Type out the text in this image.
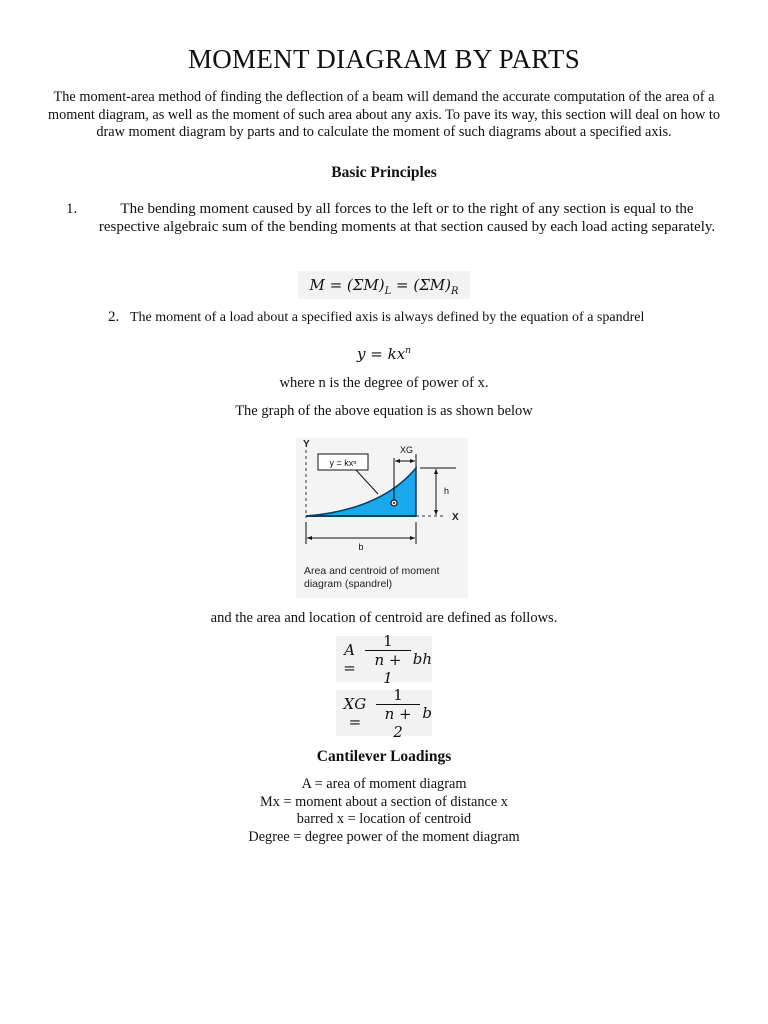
MOMENT DIAGRAM BY PARTS

The moment-area method of finding the deflection of a beam will demand the accurate computation of the area of a moment diagram, as well as the moment of such area about any axis. To pave its way, this section will deal on how to draw moment diagram by parts and to calculate the moment of such diagrams about a specified axis.

Basic Principles
1.	The bending moment caused by all forces to the left or to the right of any section is equal to the respective algebraic sum of the bending moments at that section caused by each load acting separately.
$M = (\Sigma M)_L = (\Sigma M)_R$
2. The moment of a load about a specified axis is always defined by the equation of a spandrel
$y = kx^n$

where n is the degree of power of x.

The graph of the above equation is as shown below

Y
X
y = kxⁿ
XG
h
b
Area and centroid of moment
diagram (spandrel)

and the area and location of centroid are defined as follows.

$A = \frac{1}{n + 1}$ bh
XG = $\frac{1}{n + 2}$ b
Cantilever Loadings
A = area of moment diagram
Mx = moment about a section of distance x
barred x = location of centroid
Degree = degree power of the moment diagram
